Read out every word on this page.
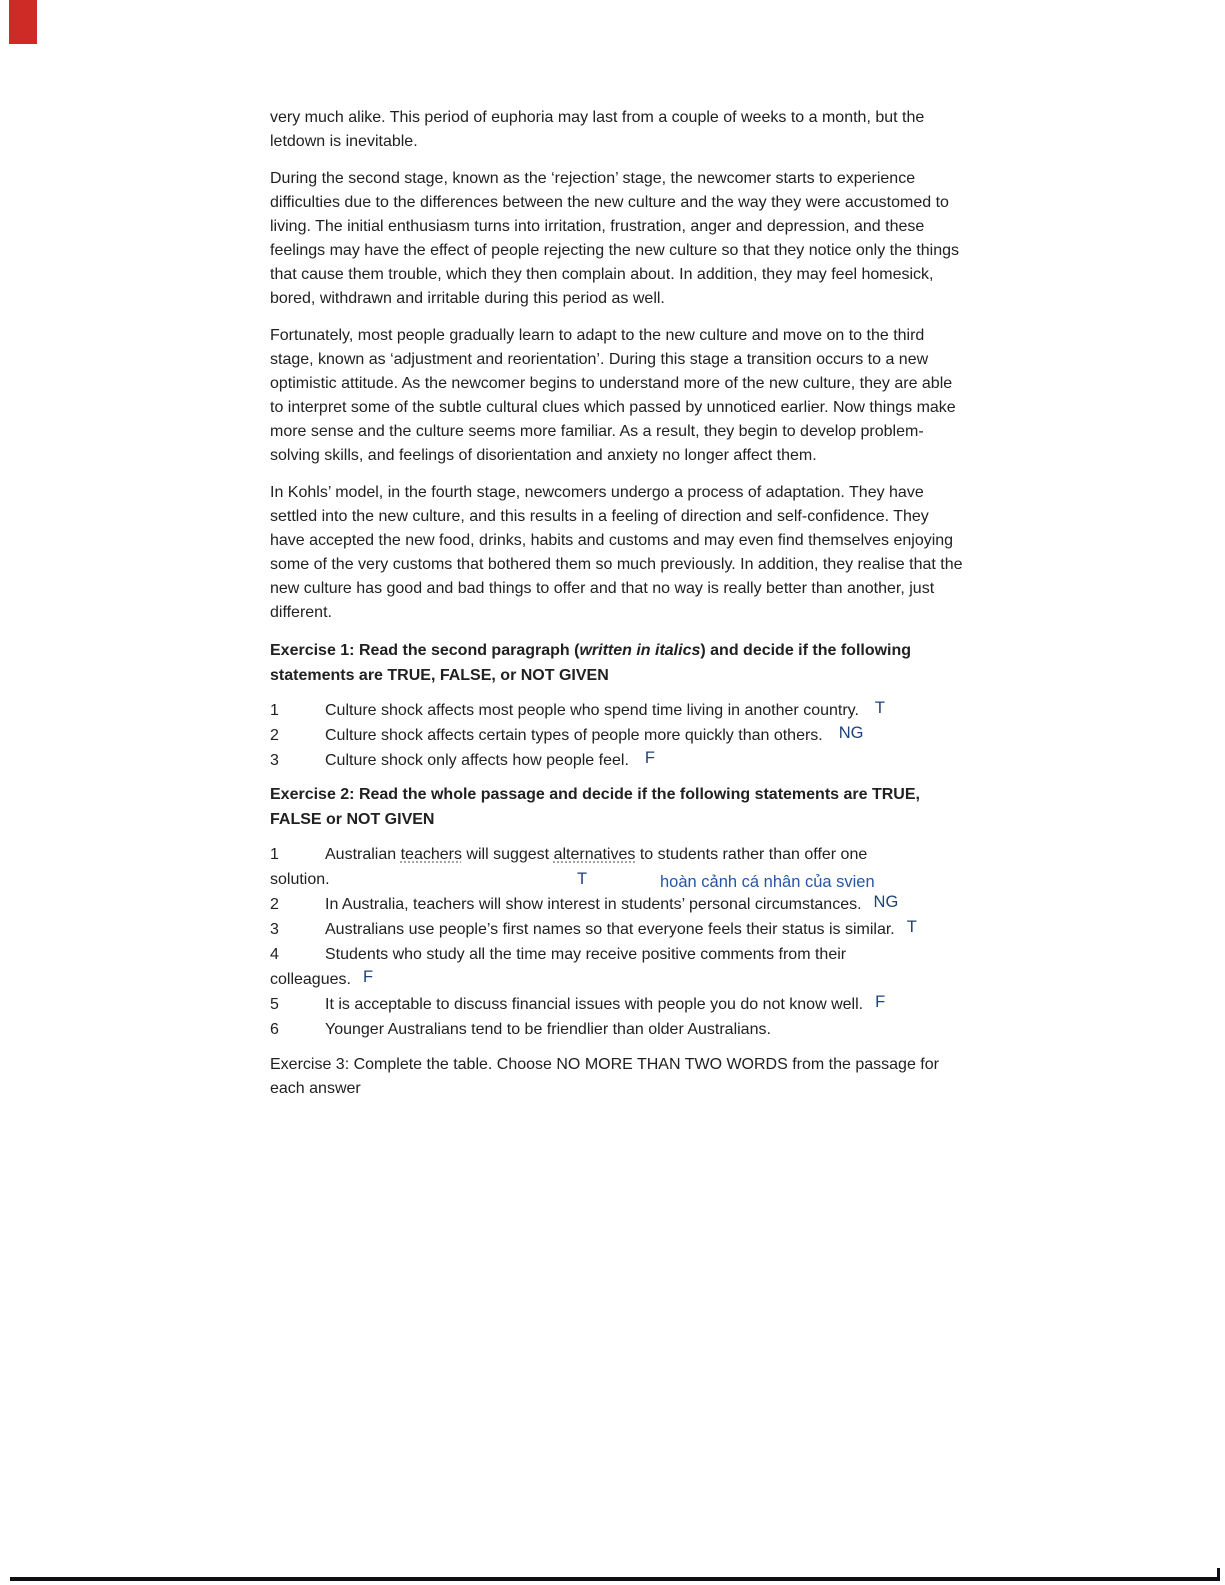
very much alike. This period of euphoria may last from a couple of weeks to a month, but the letdown is inevitable.

During the second stage, known as the ‘rejection’ stage, the newcomer starts to experience difficulties due to the differences between the new culture and the way they were accustomed to living. The initial enthusiasm turns into irritation, frustration, anger and depression, and these feelings may have the effect of people rejecting the new culture so that they notice only the things that cause them trouble, which they then complain about. In addition, they may feel homesick, bored, withdrawn and irritable during this period as well.

Fortunately, most people gradually learn to adapt to the new culture and move on to the third stage, known as ‘adjustment and reorientation’. During this stage a transition occurs to a new optimistic attitude. As the newcomer begins to understand more of the new culture, they are able to interpret some of the subtle cultural clues which passed by unnoticed earlier. Now things make more sense and the culture seems more familiar. As a result, they begin to develop problem-solving skills, and feelings of disorientation and anxiety no longer affect them.

In Kohls’ model, in the fourth stage, newcomers undergo a process of adaptation. They have settled into the new culture, and this results in a feeling of direction and self-confidence. They have accepted the new food, drinks, habits and customs and may even find themselves enjoying some of the very customs that bothered them so much previously. In addition, they realise that the new culture has good and bad things to offer and that no way is really better than another, just different.

Exercise 1: Read the second paragraph (written in italics) and decide if the following statements are TRUE, FALSE, or NOT GIVEN

1	Culture shock affects most people who spend time living in another country. T
2	Culture shock affects certain types of people more quickly than others. NG
3	Culture shock only affects how people feel. F

Exercise 2: Read the whole passage and decide if the following statements are TRUE, FALSE or NOT GIVEN

1	Australian teachers will suggest alternatives to students rather than offer one
solution.	T	hoàn cảnh cá nhân của svien
2	In Australia, teachers will show interest in students’ personal circumstances. NG
3	Australians use people’s first names so that everyone feels their status is similar. T
4	Students who study all the time may receive positive comments from their
colleagues. F
5	It is acceptable to discuss financial issues with people you do not know well. F
6	Younger Australians tend to be friendlier than older Australians.

Exercise 3: Complete the table. Choose NO MORE THAN TWO WORDS from the passage for each answer
